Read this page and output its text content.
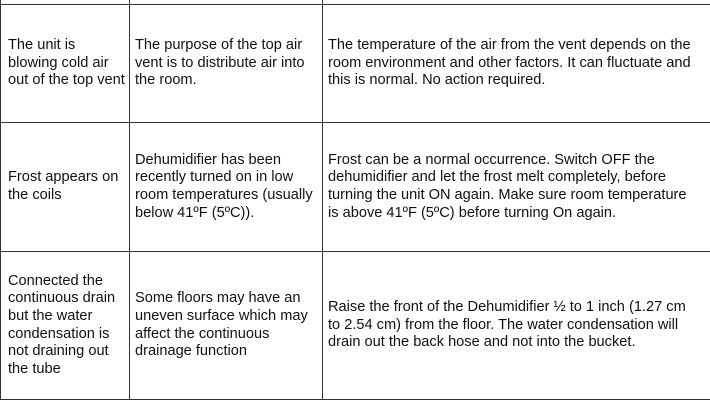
The unit is blowing cold air out of the top vent	The purpose of the top air vent is to distribute air into the room.	The temperature of the air from the vent depends on the room environment and other factors. It can fluctuate and this is normal. No action required.

Frost appears on the coils	Dehumidifier has been recently turned on in low room temperatures (usually below 41ºF (5ºC)).	Frost can be a normal occurrence. Switch OFF the dehumidifier and let the frost melt completely, before turning the unit ON again. Make sure room temperature is above 41ºF (5ºC) before turning On again.

Connected the continuous drain but the water condensation is not draining out the tube	Some floors may have an uneven surface which may affect the continuous drainage function	Raise the front of the Dehumidifier ½ to 1 inch (1.27 cm to 2.54 cm) from the floor. The water condensation will drain out the back hose and not into the bucket.
